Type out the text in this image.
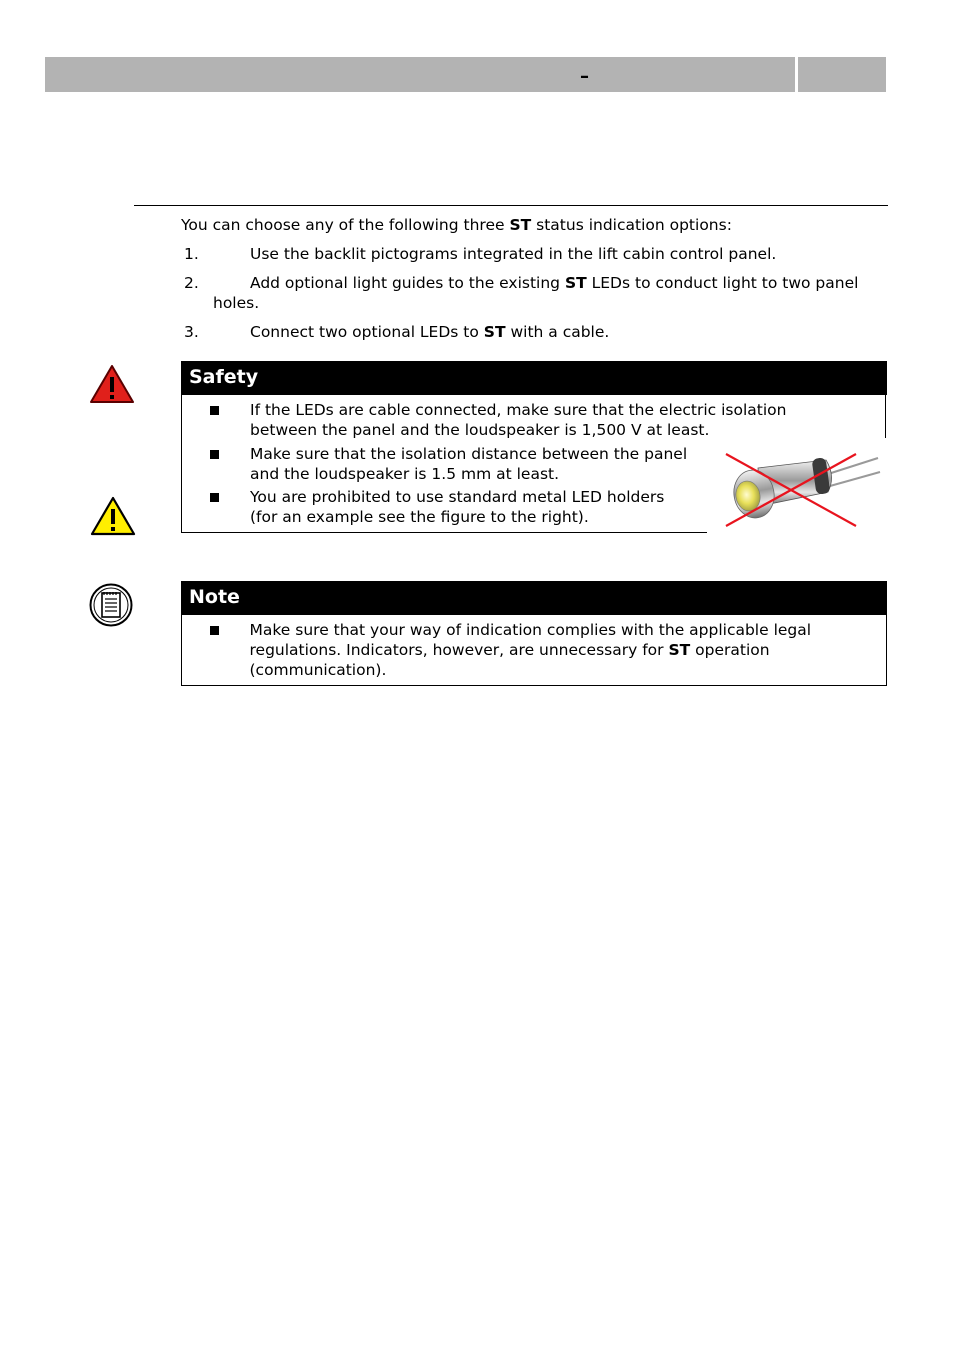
–
You can choose any of the following three ST status indication options:
1.	Use the backlit pictograms integrated in the lift cabin control panel.
2.	Add optional light guides to the existing ST LEDs to conduct light to two panel
holes.
3.	Connect two optional LEDs to ST with a cable.
Safety
If the LEDs are cable connected, make sure that the electric isolation
between the panel and the loudspeaker is 1,500 V at least.
Make sure that the isolation distance between the panel
and the loudspeaker is 1.5 mm at least.
You are prohibited to use standard metal LED holders
(for an example see the figure to the right).
Note
Make sure that your way of indication complies with the applicable legal
regulations. Indicators, however, are unnecessary for ST operation
(communication).
